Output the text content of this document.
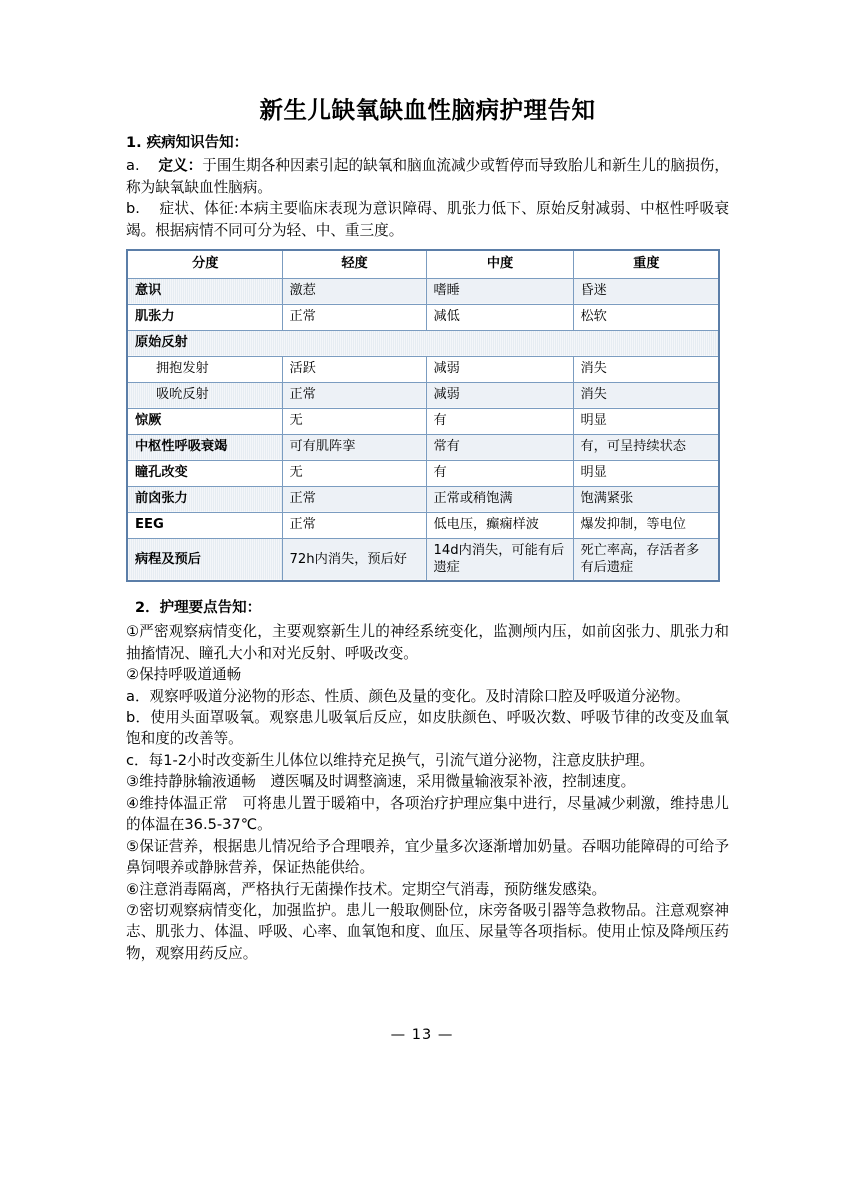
新生儿缺氧缺血性脑病护理告知
1. 疾病知识告知：

a. 定义：于围生期各种因素引起的缺氧和脑血流减少或暂停而导致胎儿和新生儿的脑损伤，称为缺氧缺血性脑病。

b. 症状、体征:本病主要临床表现为意识障碍、肌张力低下、原始反射减弱、中枢性呼吸衰竭。根据病情不同可分为轻、中、重三度。

分度	轻度	中度	重度
意识	激惹	嗜睡	昏迷
肌张力	正常	减低	松软
原始反射			
拥抱发射	活跃	减弱	消失
吸吮反射	正常	减弱	消失
惊厥	无	有	明显
中枢性呼吸衰竭	可有肌阵挛	常有	有，可呈持续状态
瞳孔改变	无	有	明显
前囟张力	正常	正常或稍饱满	饱满紧张
EEG	正常	低电压，癫痫样波	爆发抑制，等电位
病程及预后	72h内消失，预后好	14d内消失，可能有后遗症	死亡率高，存活者多有后遗症
2．护理要点告知：

①严密观察病情变化，主要观察新生儿的神经系统变化，监测颅内压，如前囟张力、肌张力和抽搐情况、瞳孔大小和对光反射、呼吸改变。

②保持呼吸道通畅

a．观察呼吸道分泌物的形态、性质、颜色及量的变化。及时清除口腔及呼吸道分泌物。

b．使用头面罩吸氧。观察患儿吸氧后反应，如皮肤颜色、呼吸次数、呼吸节律的改变及血氧饱和度的改善等。

c．每1-2小时改变新生儿体位以维持充足换气，引流气道分泌物，注意皮肤护理。

③维持静脉输液通畅　遵医嘱及时调整滴速，采用微量输液泵补液，控制速度。

④维持体温正常　可将患儿置于暖箱中，各项治疗护理应集中进行，尽量减少刺激，维持患儿的体温在36.5-37℃。

⑤保证营养，根据患儿情况给予合理喂养，宜少量多次逐渐增加奶量。吞咽功能障碍的可给予鼻饲喂养或静脉营养，保证热能供给。

⑥注意消毒隔离，严格执行无菌操作技术。定期空气消毒，预防继发感染。

⑦密切观察病情变化，加强监护。患儿一般取侧卧位，床旁备吸引器等急救物品。注意观察神志、肌张力、体温、呼吸、心率、血氧饱和度、血压、尿量等各项指标。使用止惊及降颅压药物，观察用药反应。

— 13 —
